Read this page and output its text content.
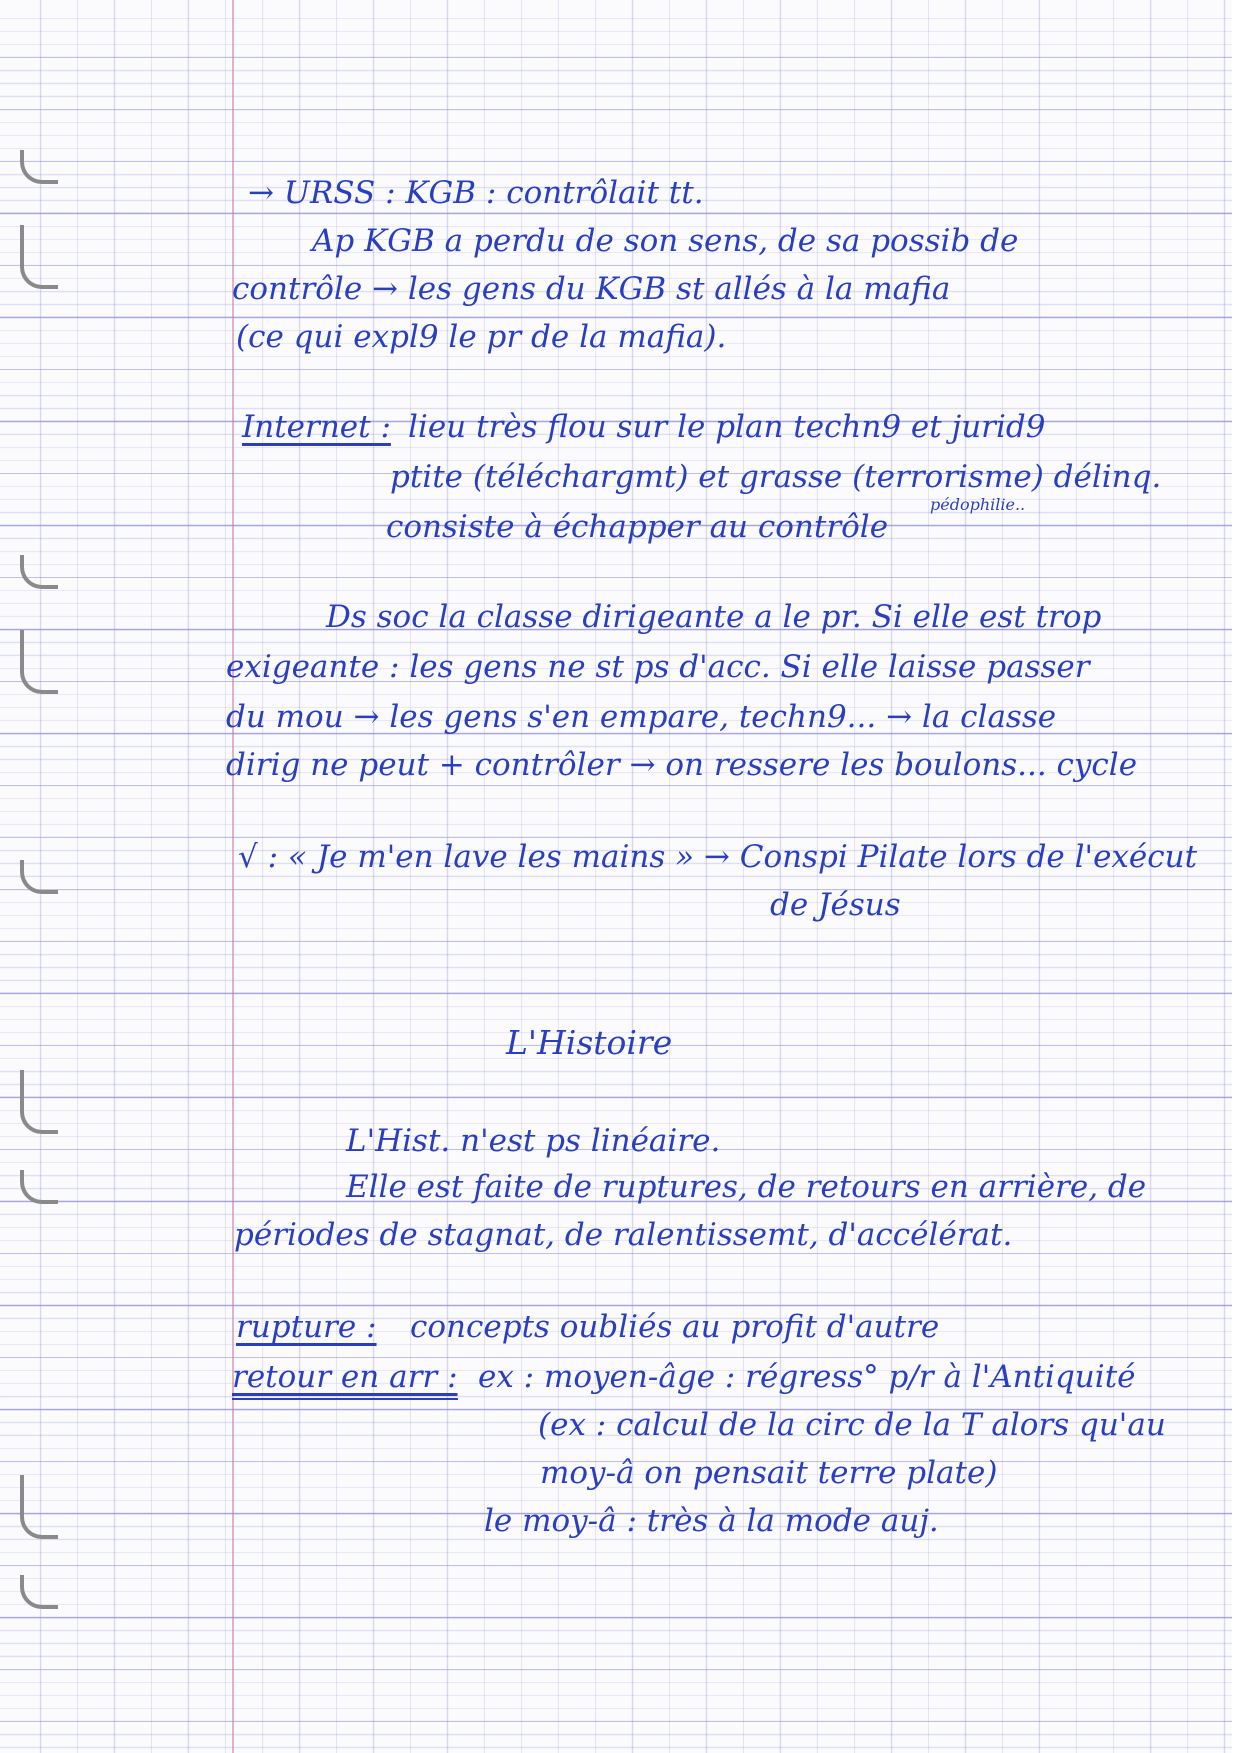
→ URSS : KGB : contrôlait tt.

Ap KGB a perdu de son sens, de sa possib de

contrôle → les gens du KGB st allés à la mafia

(ce qui expl9 le pr de la mafia).

Internet : lieu très flou sur le plan techn9 et jurid9

ptite (téléchargmt) et grasse (terrorisme) délinq.

pédophilie..

consiste à échapper au contrôle

Ds soc la classe dirigeante a le pr. Si elle est trop

exigeante : les gens ne st ps d'acc. Si elle laisse passer

du mou → les gens s'en empare, techn9... → la classe

dirig ne peut + contrôler → on ressere les boulons... cycle

√ : « Je m'en lave les mains » → Conspi Pilate lors de l'exécut

de Jésus

L'Histoire

L'Hist. n'est ps linéaire.

Elle est faite de ruptures, de retours en arrière, de

périodes de stagnat, de ralentissemt, d'accélérat.

rupture : concepts oubliés au profit d'autre

retour en arr : ex : moyen-âge : régress° p/r à l'Antiquité

(ex : calcul de la circ de la T alors qu'au

moy-â on pensait terre plate)

le moy-â : très à la mode auj.
